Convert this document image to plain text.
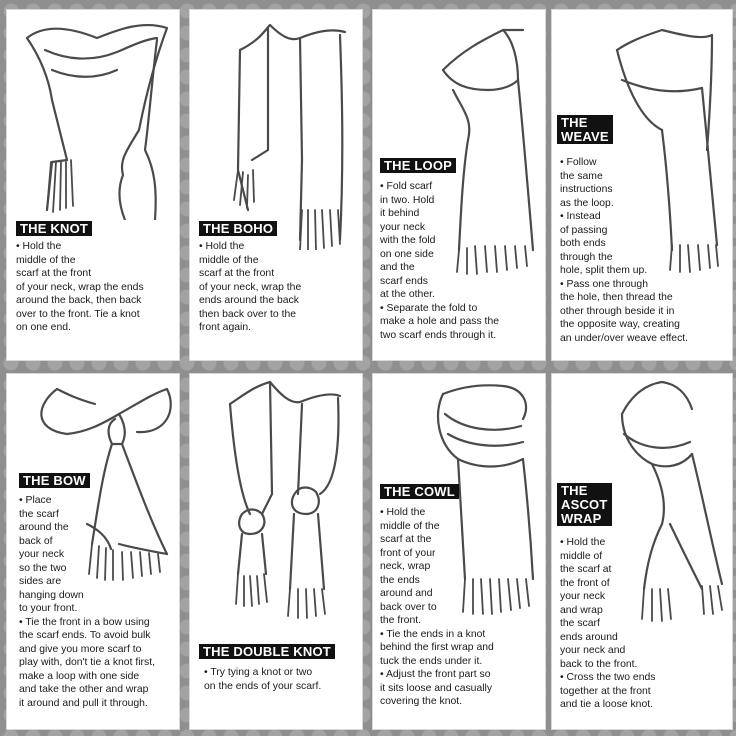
THE KNOT

• Hold the

middle of the

scarf at the front

of your neck, wrap the ends

around the back, then back

over to the front. Tie a knot

on one end.

THE BOHO

• Hold the

middle of the

scarf at the front

of your neck, wrap the

ends around the back

then back over to the

front again.

THE LOOP

• Fold scarf

in two. Hold

it behind

your neck

with the fold

on one side

and the

scarf ends

at the other.

• Separate the fold to

make a hole and pass the

two scarf ends through it.

THE
WEAVE

• Follow

the same

instructions

as the loop.

• Instead

of passing

both ends

through the

hole, split them up.

• Pass one through

the hole, then thread the

other through beside it in

the opposite way, creating

an under/over weave effect.

THE BOW

• Place

the scarf

around the

back of

your neck

so the two

sides are

hanging down

to your front.

• Tie the front in a bow using

the scarf ends. To avoid bulk

and give you more scarf to

play with, don't tie a knot first,

make a loop with one side

and take the other and wrap

it around and pull it through.

THE DOUBLE KNOT

• Try tying a knot or two

on the ends of your scarf.

THE COWL

• Hold the

middle of the

scarf at the

front of your

neck, wrap

the ends

around and

back over to

the front.

• Tie the ends in a knot

behind the first wrap and

tuck the ends under it.

• Adjust the front part so

it sits loose and casually

covering the knot.

THE
ASCOT
WRAP

• Hold the

middle of

the scarf at

the front of

your neck

and wrap

the scarf

ends around

your neck and

back to the front.

• Cross the two ends

together at the front

and tie a loose knot.
